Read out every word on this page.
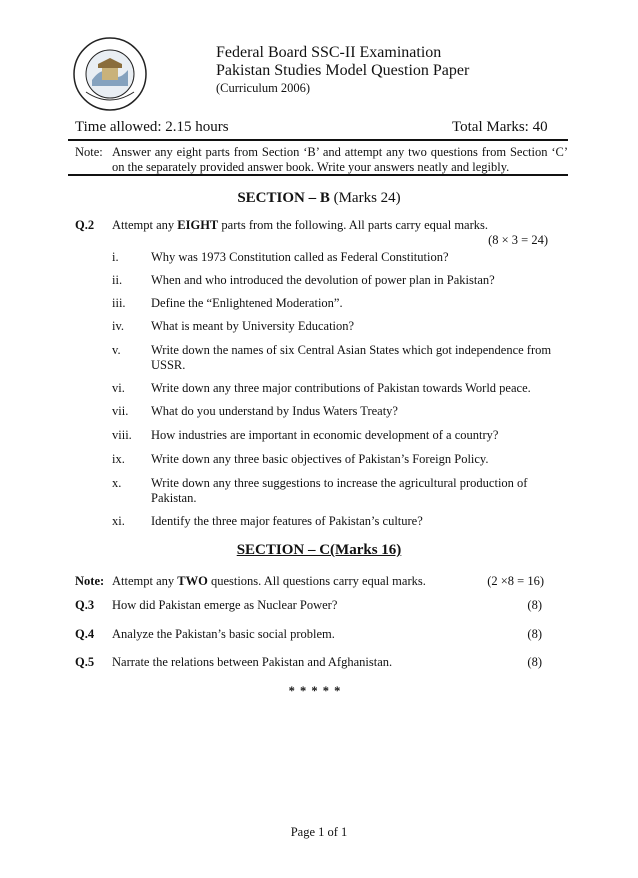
Federal Board SSC-II Examination
Pakistan Studies Model Question Paper
(Curriculum 2006)
Time allowed: 2.15 hours	Total Marks: 40
Note: Answer any eight parts from Section ‘B’ and attempt any two questions from Section ‘C’ on the separately provided answer book. Write your answers neatly and legibly.
SECTION – B (Marks 24)
Q.2 Attempt any EIGHT parts from the following. All parts carry equal marks.
(8 × 3 = 24)
i.	Why was 1973 Constitution called as Federal Constitution?
ii. When and who introduced the devolution of power plan in Pakistan?
iii. Define the “Enlightened Moderation”.
iv. What is meant by University Education?
v. Write down the names of six Central Asian States which got independence from USSR.
vi. Write down any three major contributions of Pakistan towards World peace.
vii. What do you understand by Indus Waters Treaty?
viii. How industries are important in economic development of a country?
ix. Write down any three basic objectives of Pakistan’s Foreign Policy.
x. Write down any three suggestions to increase the agricultural production of Pakistan.
xi. Identify the three major features of Pakistan’s culture?
SECTION – C(Marks 16)
Note: Attempt any TWO questions. All questions carry equal marks.	(2 ×8 = 16)
Q.3 How did Pakistan emerge as Nuclear Power?	(8)
Q.4 Analyze the Pakistan’s basic social problem.	(8)
Q.5 Narrate the relations between Pakistan and Afghanistan.	(8)
* * * * *
Page 1 of 1
